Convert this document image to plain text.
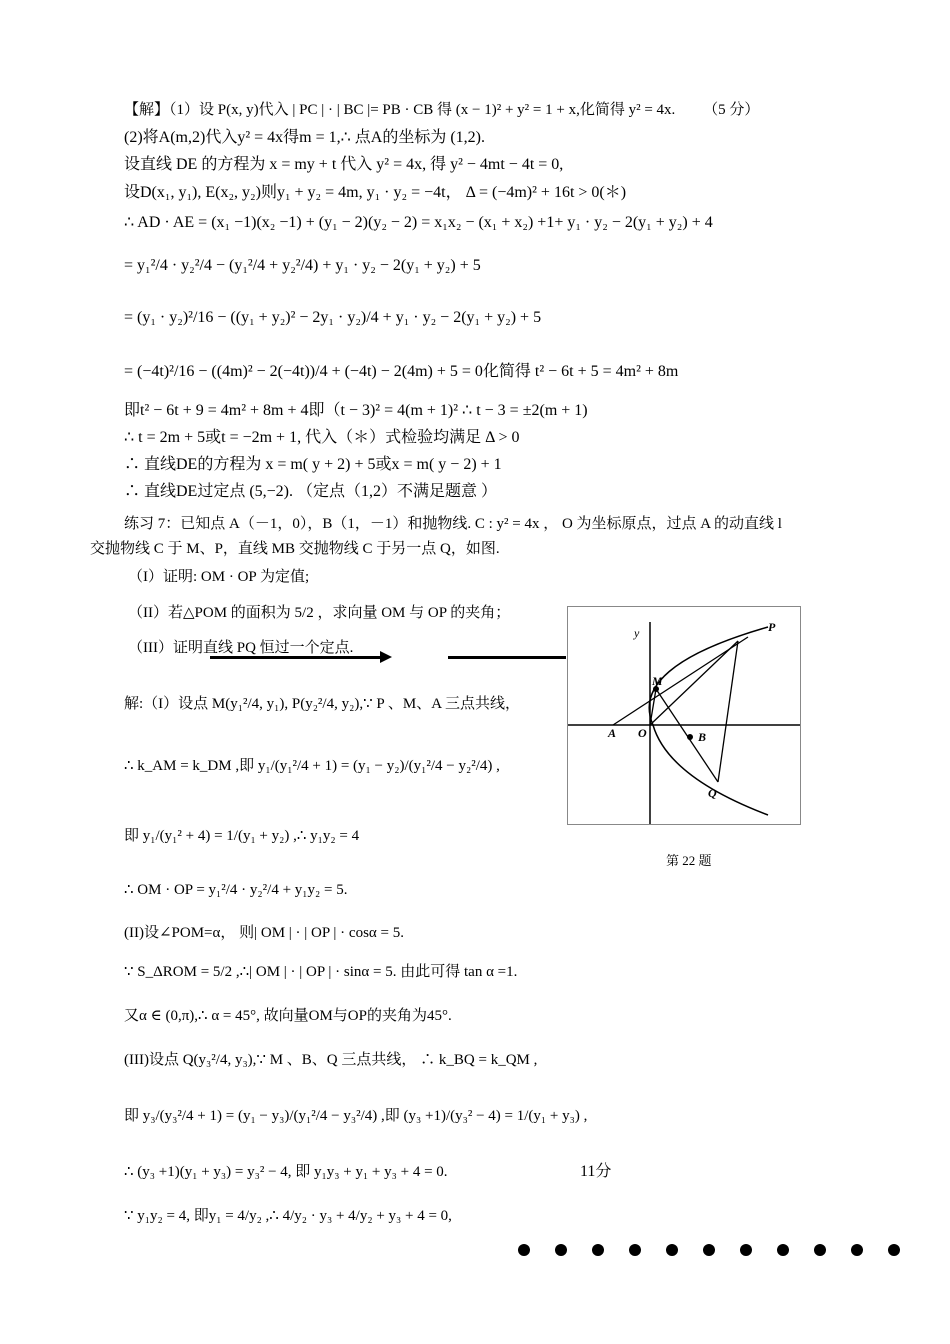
【解】（1）设 P(x, y)代入 | PC | · | BC |= PB · CB 得 (x − 1)² + y² = 1 + x,化简得 y² = 4x. （5 分）
(2)将A(m,2)代入y² = 4x得m = 1,∴ 点A的坐标为 (1,2).
设直线 DE 的方程为 x = my + t 代入 y² = 4x, 得 y² − 4mt − 4t = 0,
设D(x₁, y₁), E(x₂, y₂)则y₁ + y₂ = 4m, y₁ · y₂ = −4t， Δ = (−4m)² + 16t > 0(＊)
∴ AD · AE = (x₁ −1)(x₂ −1) + (y₁ − 2)(y₂ − 2) = x₁x₂ − (x₁ + x₂) +1+ y₁ · y₂ − 2(y₁ + y₂) + 4
= y₁²/4 · y₂²/4 − (y₁²/4 + y₂²/4) + y₁ · y₂ − 2(y₁ + y₂) + 5
= (y₁ · y₂)²/16 − ((y₁ + y₂)² − 2y₁ · y₂)/4 + y₁ · y₂ − 2(y₁ + y₂) + 5
= (−4t)²/16 − ((4m)² − 2(−4t))/4 + (−4t) − 2(4m) + 5 = 0化简得 t² − 6t + 5 = 4m² + 8m
即t² − 6t + 9 = 4m² + 8m + 4即（t − 3)² = 4(m + 1)² ∴ t − 3 = ±2(m + 1)
∴ t = 2m + 5或t = −2m + 1, 代入（＊）式检验均满足 Δ > 0
∴ 直线DE的方程为 x = m( y + 2) + 5或x = m( y − 2) + 1
∴ 直线DE过定点 (5,−2). （定点（1,2）不满足题意 ）
练习 7：已知点 A（－1，0），B（1，－1）和抛物线. C : y² = 4x ， O 为坐标原点，过点 A 的动直线 l
交抛物线 C 于 M、P，直线 MB 交抛物线 C 于另一点 Q，如图.
（I）证明: OM · OP 为定值;
（II）若△POM 的面积为 5/2 ，求向量 OM 与 OP 的夹角；
（III）证明直线 PQ 恒过一个定点.
y	P
M
A O	B
Q
第 22 题
解:（I）设点 M(y₁²/4, y₁), P(y₂²/4, y₂),∵ P 、M、A 三点共线，
∴ k_AM = k_DM ,即 y₁/(y₁²/4 + 1) = (y₁ − y₂)/(y₁²/4 − y₂²/4) ,
即 y₁/(y₁² + 4) = 1/(y₁ + y₂) ,∴ y₁y₂ = 4
∴ OM · OP = y₁²/4 · y₂²/4 + y₁y₂ = 5.
(II)设∠POM=α， 则| OM | · | OP | · cosα = 5.
∵ S_ΔROM = 5/2 ,∴| OM | · | OP | · sinα = 5. 由此可得 tan α =1.
又α ∈ (0,π),∴ α = 45°, 故向量OM与OP的夹角为45°.
(III)设点 Q(y₃²/4, y₃),∵ M 、B、Q 三点共线， ∴ k_BQ = k_QM ,
即 y₃/(y₃²/4 + 1) = (y₁ − y₃)/(y₁²/4 − y₃²/4) ,即 (y₃ +1)/(y₃² − 4) = 1/(y₁ + y₃) ,
∴ (y₃ +1)(y₁ + y₃) = y₃² − 4, 即 y₁y₃ + y₁ + y₃ + 4 = 0.	11分
∵ y₁y₂ = 4, 即y₁ = 4/y₂ ,∴ 4/y₂ · y₃ + 4/y₂ + y₃ + 4 = 0,
